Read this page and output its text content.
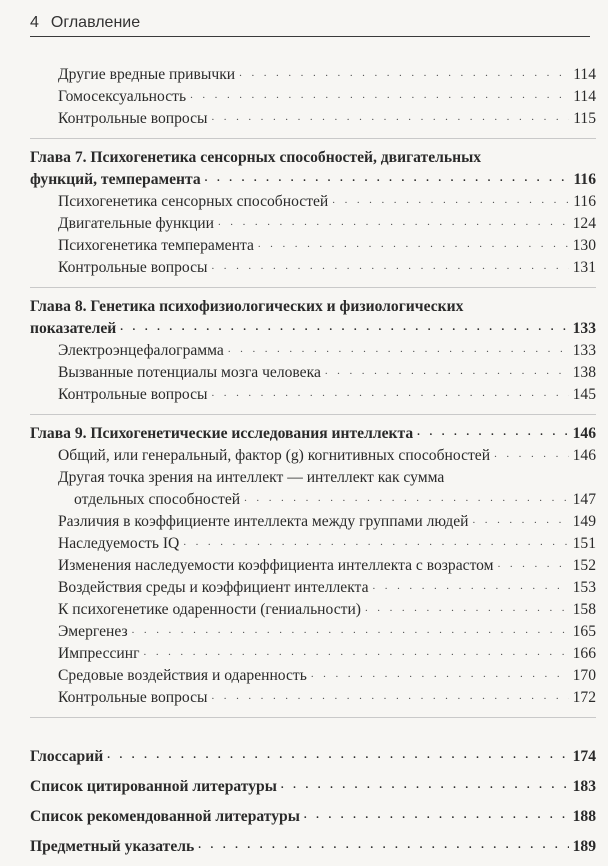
4 Оглавление
Другие вредные привычки . . .	114
Гомосексуальность . . .	114
Контрольные вопросы . . .	115
Глава 7. Психогенетика сенсорных способностей, двигательных
функций, темперамента . . .	116
Психогенетика сенсорных способностей . . .	116
Двигательные функции . . .	124
Психогенетика темперамента . . .	130
Контрольные вопросы . . .	131
Глава 8. Генетика психофизиологических и физиологических
показателей . . .	133
Электроэнцефалограмма . . .	133
Вызванные потенциалы мозга человека . . .	138
Контрольные вопросы . . .	145
Глава 9. Психогенетические исследования интеллекта . . .	146
Общий, или генеральный, фактор (g) когнитивных способностей . . .	146
Другая точка зрения на интеллект — интеллект как сумма
отдельных способностей . . .	147
Различия в коэффициенте интеллекта между группами людей . . .	149
Наследуемость IQ . . .	151
Изменения наследуемости коэффициента интеллекта с возрастом . . .	152
Воздействия среды и коэффициент интеллекта . . .	153
К психогенетике одаренности (гениальности) . . .	158
Эмергенез . . .	165
Импрессинг . . .	166
Средовые воздействия и одаренность . . .	170
Контрольные вопросы . . .	172
Глоссарий . . .	174
Список цитированной литературы . . .	183
Список рекомендованной литературы . . .	188
Предметный указатель . . .	189
